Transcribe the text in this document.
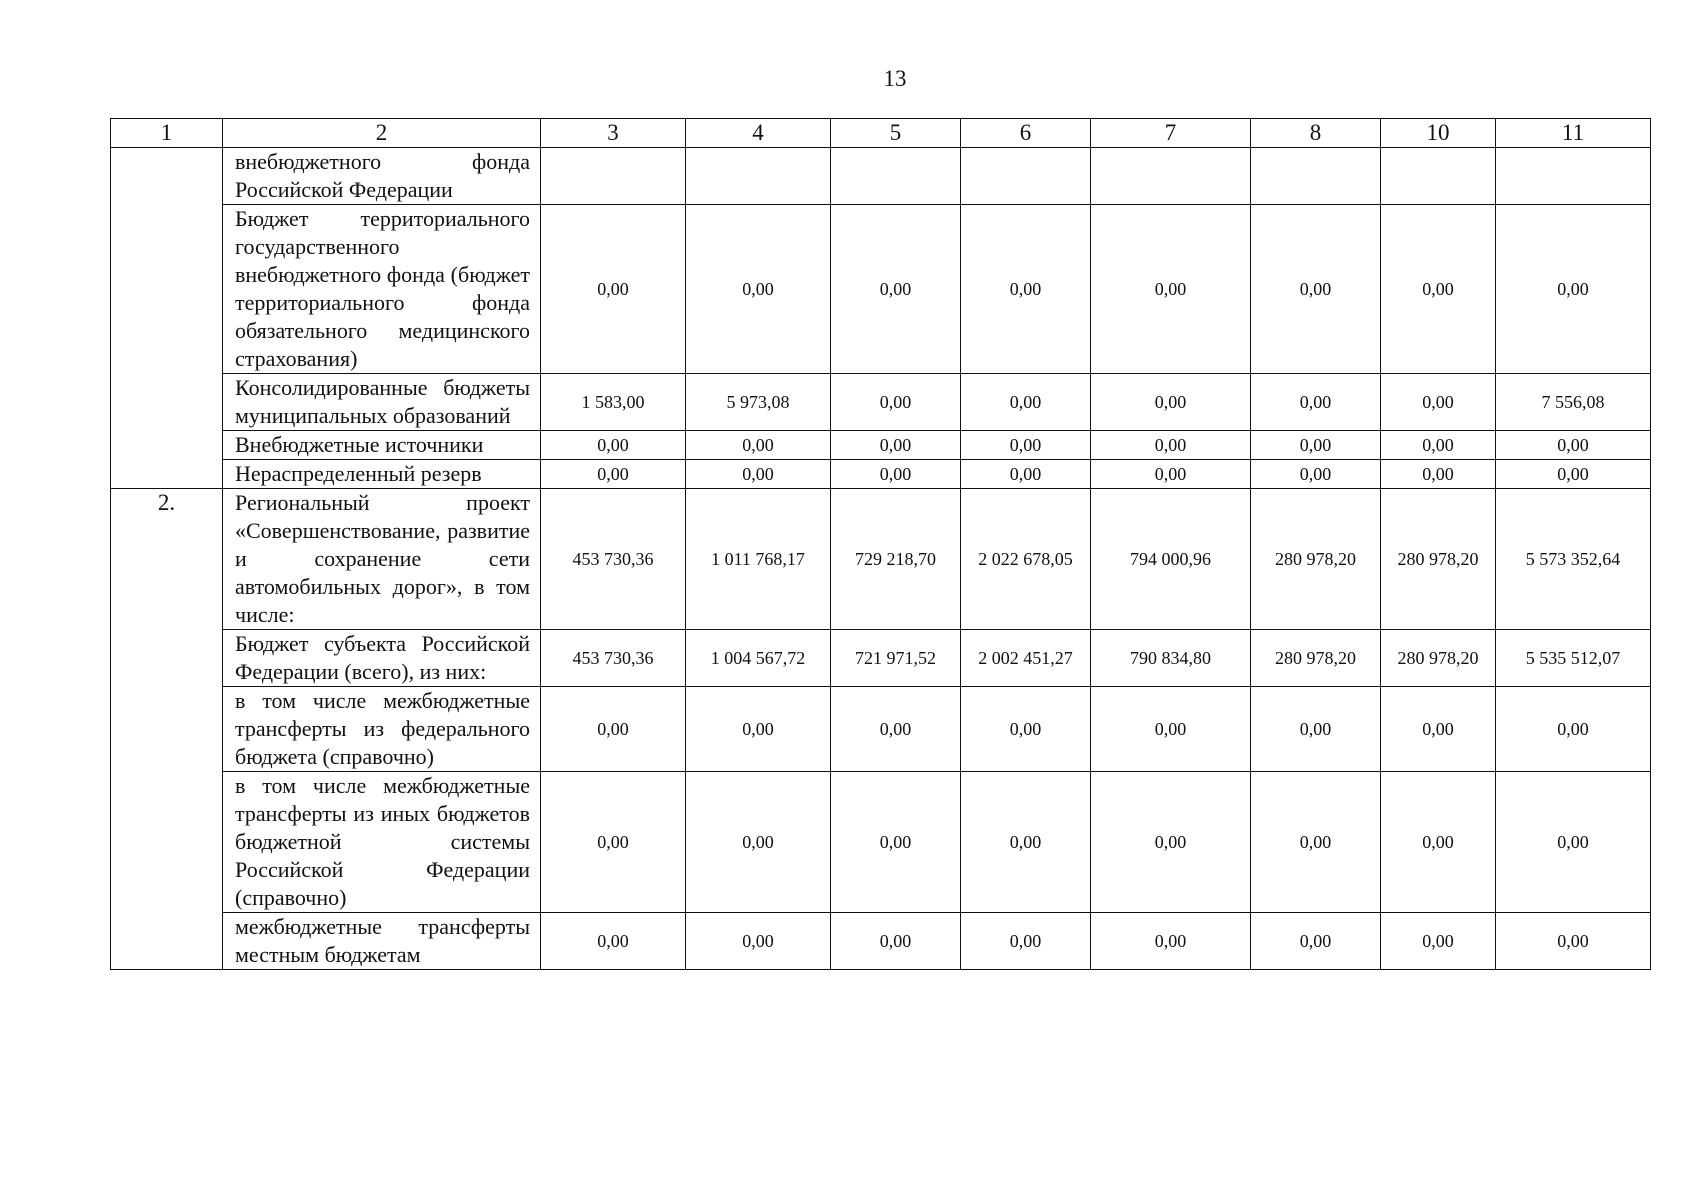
13
1	2	3	4	5	6	7	8	10	11
	внебюджетного фонда Российской Федерации								
	Бюджет территориального государственного внебюджетного фонда (бюджет территориального фонда обязательного медицинского страхования)	0,00	0,00	0,00	0,00	0,00	0,00	0,00	0,00
	Консолидированные бюджеты муниципальных образований	1 583,00	5 973,08	0,00	0,00	0,00	0,00	0,00	7 556,08
	Внебюджетные источники	0,00	0,00	0,00	0,00	0,00	0,00	0,00	0,00
	Нераспределенный резерв	0,00	0,00	0,00	0,00	0,00	0,00	0,00	0,00
2.	Региональный проект «Совершенствование, развитие и сохранение сети автомобильных дорог», в том числе:	453 730,36	1 011 768,17	729 218,70	2 022 678,05	794 000,96	280 978,20	280 978,20	5 573 352,64
	Бюджет субъекта Российской Федерации (всего), из них:	453 730,36	1 004 567,72	721 971,52	2 002 451,27	790 834,80	280 978,20	280 978,20	5 535 512,07
	в том числе межбюджетные трансферты из федерального бюджета (справочно)	0,00	0,00	0,00	0,00	0,00	0,00	0,00	0,00
	в том числе межбюджетные трансферты из иных бюджетов бюджетной системы Российской Федерации (справочно)	0,00	0,00	0,00	0,00	0,00	0,00	0,00	0,00
	межбюджетные трансферты местным бюджетам	0,00	0,00	0,00	0,00	0,00	0,00	0,00	0,00
